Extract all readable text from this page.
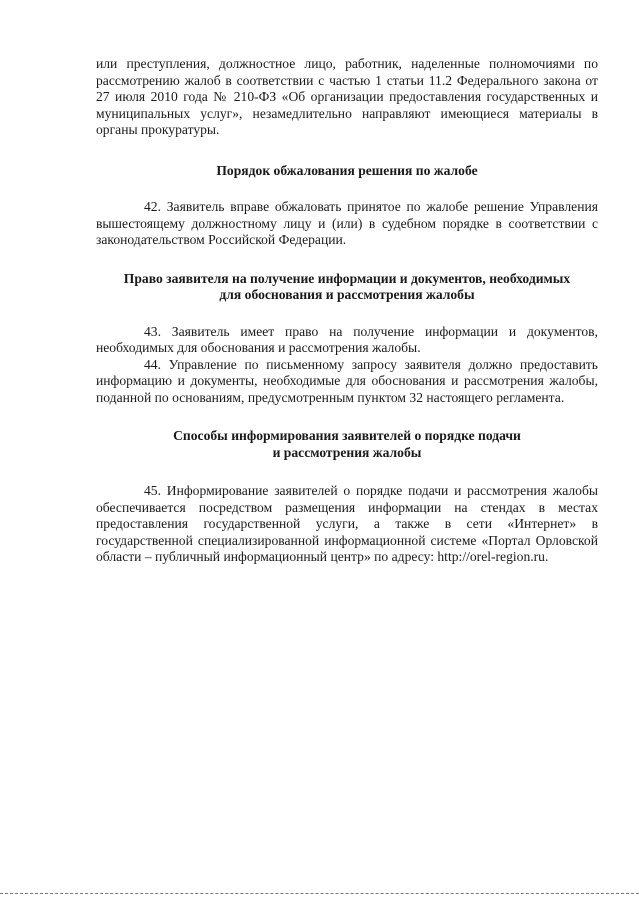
или преступления, должностное лицо, работник, наделенные полномочиями по рассмотрению жалоб в соответствии с частью 1 статьи 11.2 Федерального закона от 27 июля 2010 года № 210-ФЗ «Об организации предоставления государственных и муниципальных услуг», незамедлительно направляют имеющиеся материалы в органы прокуратуры.

Порядок обжалования решения по жалобе

42. Заявитель вправе обжаловать принятое по жалобе решение Управления вышестоящему должностному лицу и (или) в судебном порядке в соответствии с законодательством Российской Федерации.

Право заявителя на получение информации и документов, необходимых
для обоснования и рассмотрения жалобы

43. Заявитель имеет право на получение информации и документов, необходимых для обоснования и рассмотрения жалобы.

44. Управление по письменному запросу заявителя должно предоставить информацию и документы, необходимые для обоснования и рассмотрения жалобы, поданной по основаниям, предусмотренным пунктом 32 настоящего регламента.

Способы информирования заявителей о порядке подачи
и рассмотрения жалобы

45. Информирование заявителей о порядке подачи и рассмотрения жалобы обеспечивается посредством размещения информации на стендах в местах предоставления государственной услуги, а также в сети «Интернет» в государственной специализированной информационной системе «Портал Орловской области – публичный информационный центр» по адресу: http://orel-region.ru.
